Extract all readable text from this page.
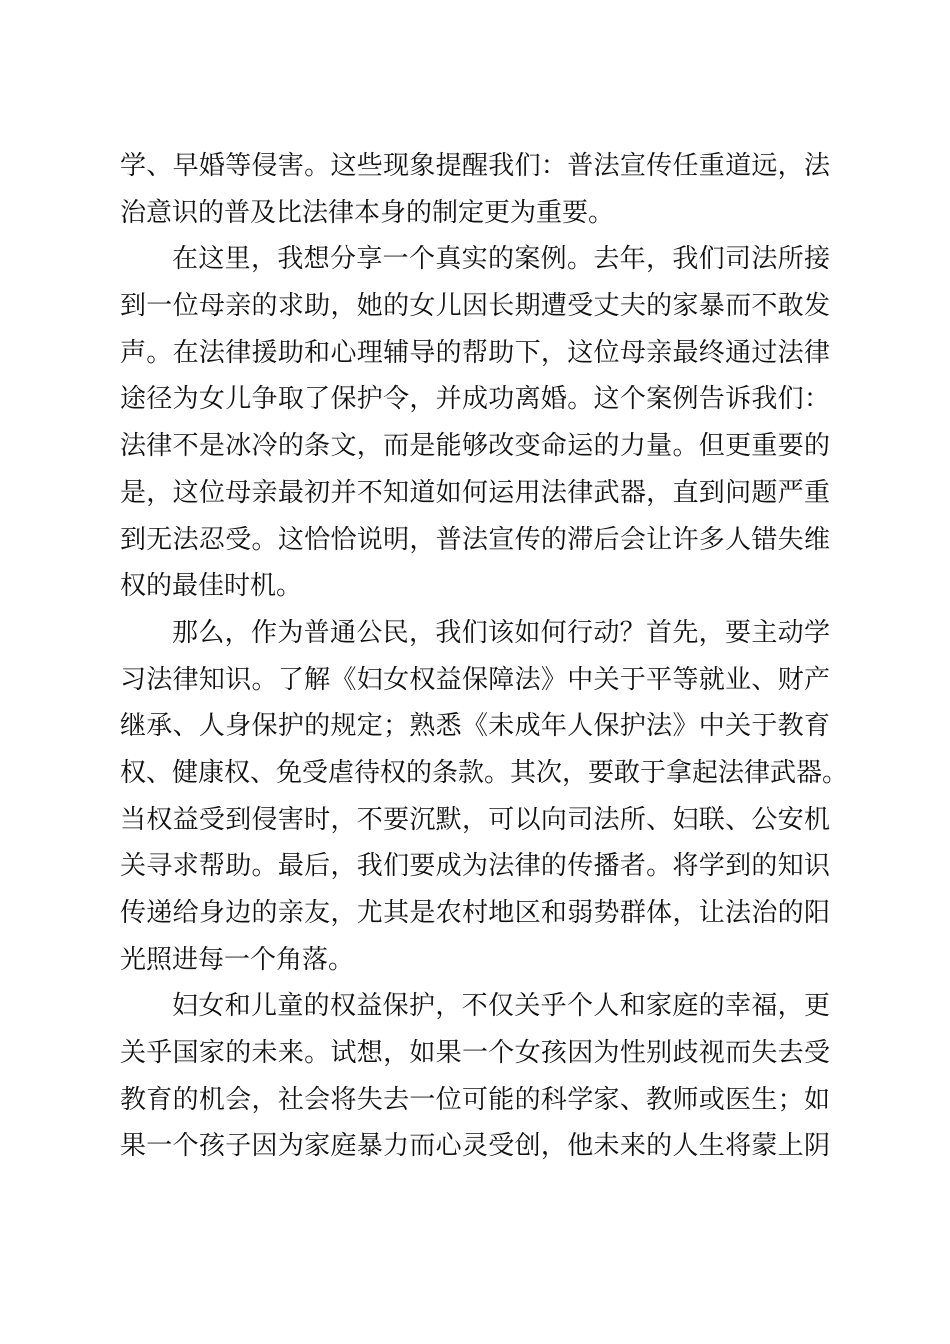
学、早婚等侵害。这些现象提醒我们：普法宣传任重道远，法
治意识的普及比法律本身的制定更为重要。
在这里，我想分享一个真实的案例。去年，我们司法所接
到一位母亲的求助，她的女儿因长期遭受丈夫的家暴而不敢发
声。在法律援助和心理辅导的帮助下，这位母亲最终通过法律
途径为女儿争取了保护令，并成功离婚。这个案例告诉我们：
法律不是冰冷的条文，而是能够改变命运的力量。但更重要的
是，这位母亲最初并不知道如何运用法律武器，直到问题严重
到无法忍受。这恰恰说明，普法宣传的滞后会让许多人错失维
权的最佳时机。
那么，作为普通公民，我们该如何行动？首先，要主动学
习法律知识。了解《妇女权益保障法》中关于平等就业、财产
继承、人身保护的规定；熟悉《未成年人保护法》中关于教育
权、健康权、免受虐待权的条款。其次，要敢于拿起法律武器。
当权益受到侵害时，不要沉默，可以向司法所、妇联、公安机
关寻求帮助。最后，我们要成为法律的传播者。将学到的知识
传递给身边的亲友，尤其是农村地区和弱势群体，让法治的阳
光照进每一个角落。
妇女和儿童的权益保护，不仅关乎个人和家庭的幸福，更
关乎国家的未来。试想，如果一个女孩因为性别歧视而失去受
教育的机会，社会将失去一位可能的科学家、教师或医生；如
果一个孩子因为家庭暴力而心灵受创，他未来的人生将蒙上阴
